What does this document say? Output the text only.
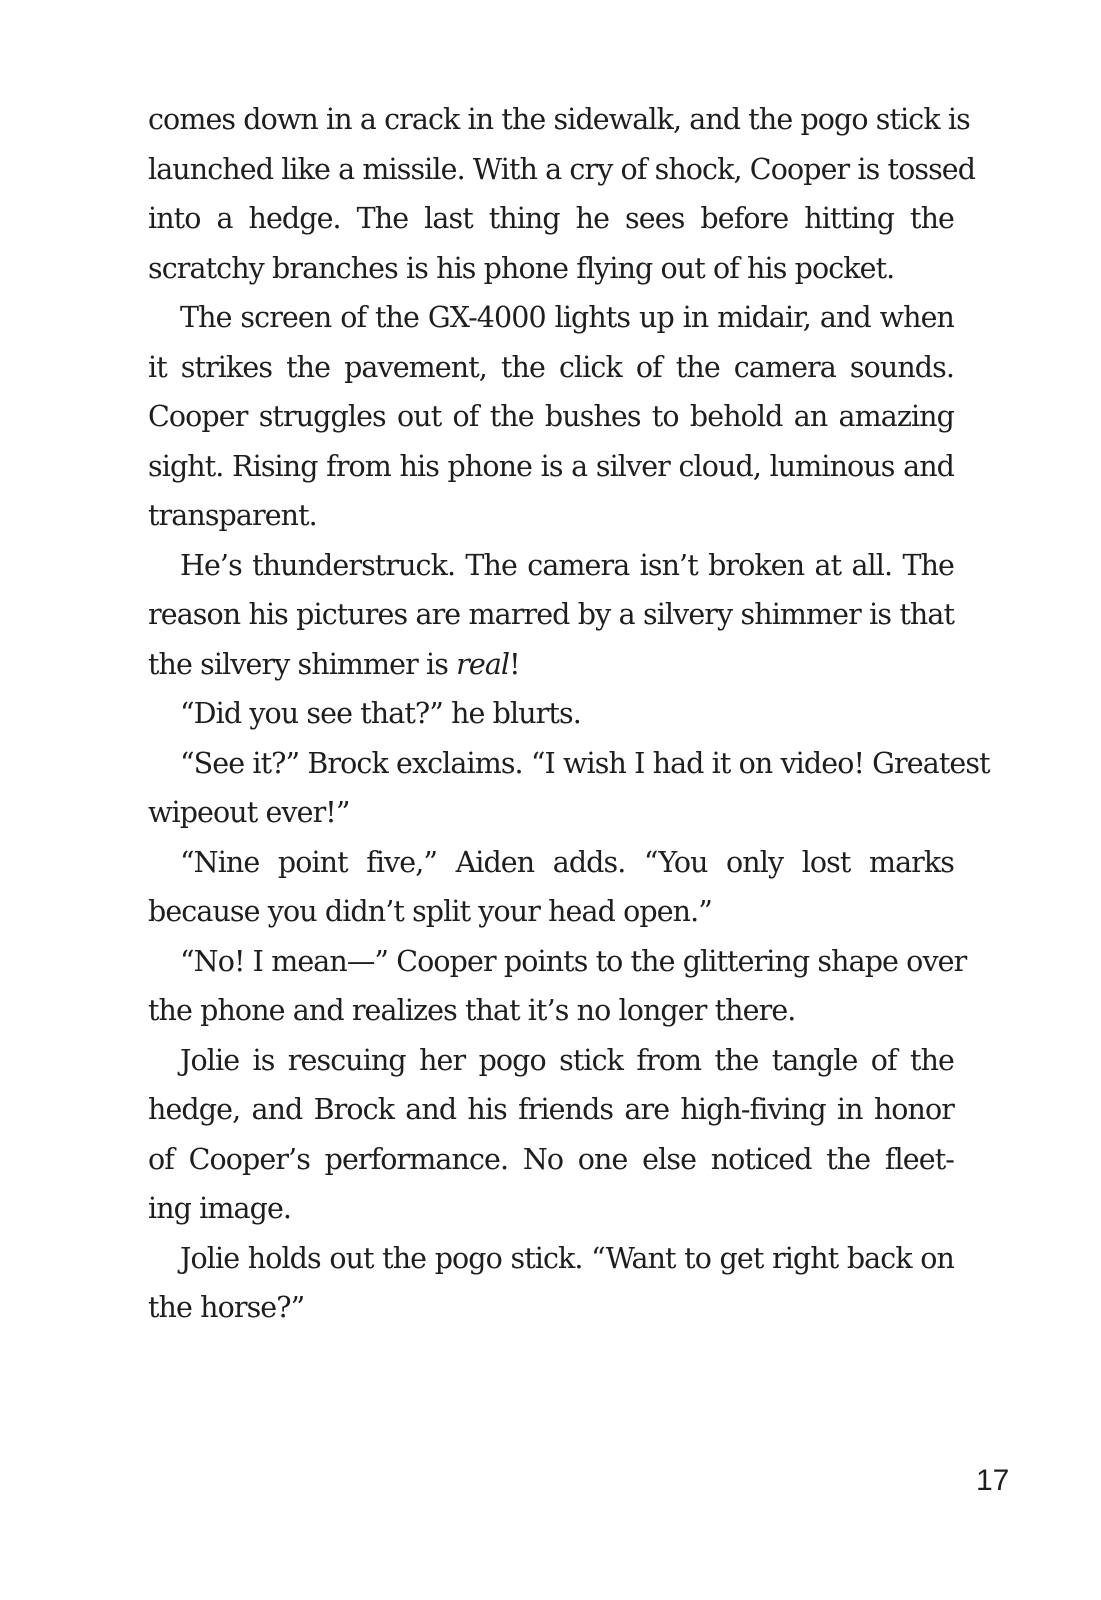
comes down in a crack in the sidewalk, and the pogo stick is
launched like a missile. With a cry of shock, Cooper is tossed
into a hedge. The last thing he sees before hitting the
scratchy branches is his phone flying out of his pocket.
The screen of the GX-4000 lights up in midair, and when
it strikes the pavement, the click of the camera sounds.
Cooper struggles out of the bushes to behold an amazing
sight. Rising from his phone is a silver cloud, luminous and
transparent.
He’s thunderstruck. The camera isn’t broken at all. The
reason his pictures are marred by a silvery shimmer is that
the silvery shimmer is real!
“Did you see that?” he blurts.
“See it?” Brock exclaims. “I wish I had it on video! Greatest
wipeout ever!”
“Nine point five,” Aiden adds. “You only lost marks
because you didn’t split your head open.”
“No! I mean—” Cooper points to the glittering shape over
the phone and realizes that it’s no longer there.
Jolie is rescuing her pogo stick from the tangle of the
hedge, and Brock and his friends are high-fiving in honor
of Cooper’s performance. No one else noticed the fleet-
ing image.
Jolie holds out the pogo stick. “Want to get right back on
the horse?”
17
